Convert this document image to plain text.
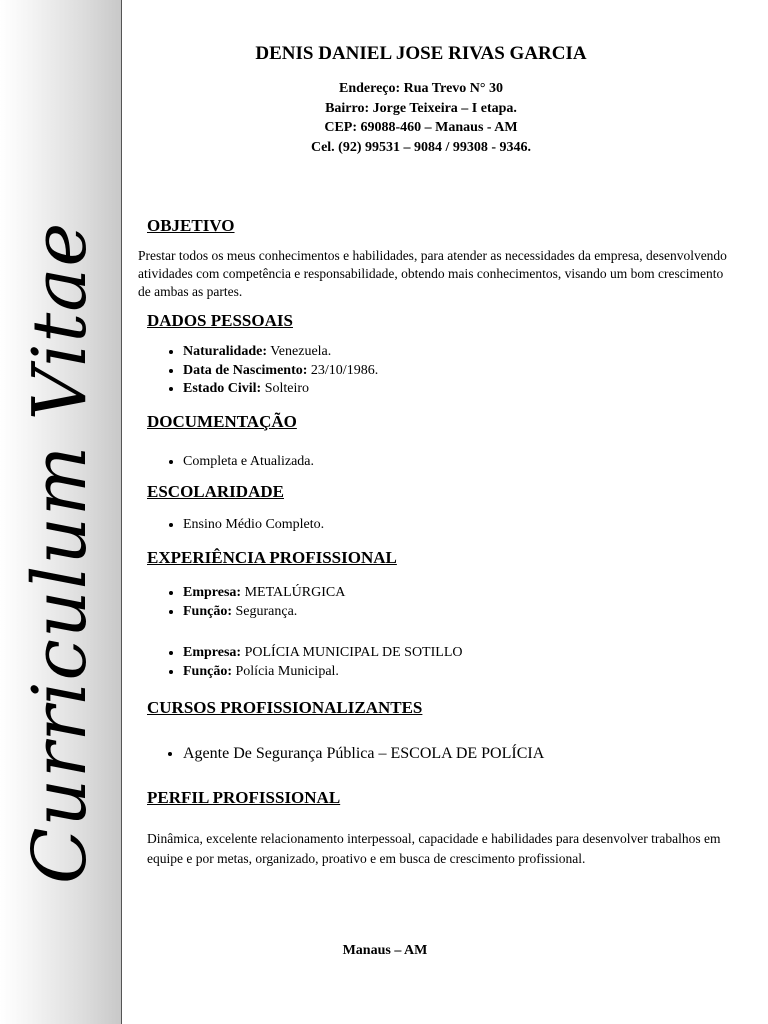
Curriculum Vitae
DENIS DANIEL JOSE RIVAS GARCIA
Endereço: Rua Trevo N° 30
Bairro: Jorge Teixeira – I etapa.
CEP: 69088-460 – Manaus - AM
Cel. (92) 99531 – 9084 / 99308 - 9346.
OBJETIVO

Prestar todos os meus conhecimentos e habilidades, para atender as necessidades da empresa, desenvolvendo atividades com competência e responsabilidade, obtendo mais conhecimentos, visando um bom crescimento de ambas as partes.

DADOS PESSOAIS
• Naturalidade: Venezuela.
• Data de Nascimento: 23/10/1986.
• Estado Civil: Solteiro
DOCUMENTAÇÃO
• Completa e Atualizada.
ESCOLARIDADE
• Ensino Médio Completo.
EXPERIÊNCIA PROFISSIONAL
• Empresa: METALÚRGICA
• Função: Segurança.
• Empresa: POLÍCIA MUNICIPAL DE SOTILLO
• Função: Polícia Municipal.
CURSOS PROFISSIONALIZANTES
• Agente De Segurança Pública – ESCOLA DE POLÍCIA
PERFIL PROFISSIONAL

Dinâmica, excelente relacionamento interpessoal, capacidade e habilidades para desenvolver trabalhos em equipe e por metas, organizado, proativo e em busca de crescimento profissional.

Manaus – AM
